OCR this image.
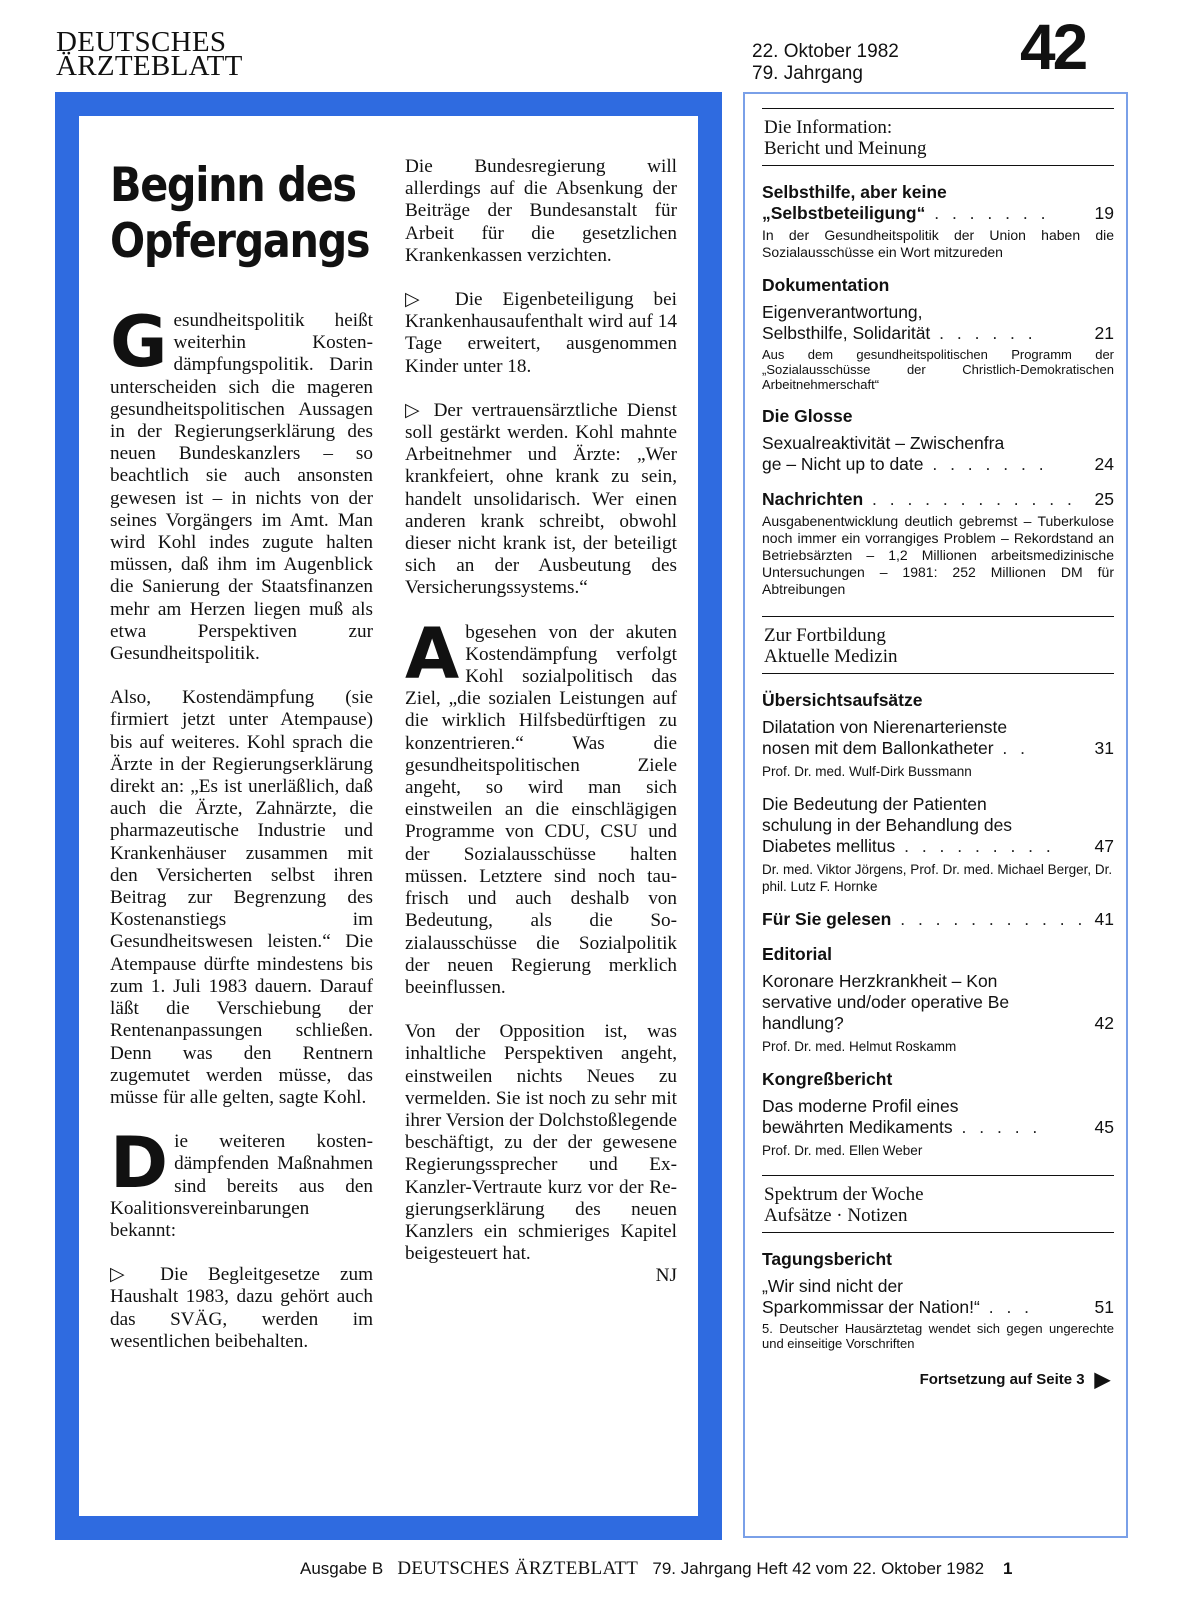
DEUTSCHES
ÄRZTEBLATT	22. Oktober 1982
79. Jahrgang	42
Beginn des
Opfergangs

Gesundheitspolitik heißt weiterhin Kostendämpfungspolitik. Darin unterscheiden sich die mageren gesundheitspolitischen Aussagen in der Regierungserklärung des neuen Bundeskanzlers – so beachtlich sie auch ansonsten gewesen ist – in nichts von der seines Vorgängers im Amt. Man wird Kohl indes zugute halten müssen, daß ihm im Augenblick die Sanierung der Staatsfinanzen mehr am Herzen liegen muß als etwa Perspektiven zur Gesundheitspolitik.

Also, Kostendämpfung (sie firmiert jetzt unter Atempause) bis auf weiteres. Kohl sprach die Ärzte in der Regierungserklärung direkt an: „Es ist unerläßlich, daß auch die Ärzte, Zahnärzte, die pharmazeutische Industrie und Krankenhäuser zusammen mit den Versicherten selbst ihren Beitrag zur Begrenzung des Kostenanstiegs im Gesundheitswesen leisten.“ Die Atempause dürfte mindestens bis zum 1. Juli 1983 dauern. Darauf läßt die Verschiebung der Rentenanpassungen schließen. Denn was den Rentnern zugemutet werden müsse, das müsse für alle gelten, sagte Kohl.

Die weiteren kostendämpfenden Maßnahmen sind bereits aus den Koalitionsvereinbarungen bekannt:

▷ Die Begleitgesetze zum Haushalt 1983, dazu gehört auch das SVÄG, werden im wesentlichen beibehalten.

Die Bundesregierung will allerdings auf die Absenkung der Beiträge der Bundesanstalt für Arbeit für die gesetzlichen Krankenkassen verzichten.

▷ Die Eigenbeteiligung bei Krankenhausaufenthalt wird auf 14 Tage erweitert, ausgenommen Kinder unter 18.

▷ Der vertrauensärztliche Dienst soll gestärkt werden. Kohl mahnte Arbeitnehmer und Ärzte: „Wer krankfeiert, ohne krank zu sein, handelt unsolidarisch. Wer einen anderen krank schreibt, obwohl dieser nicht krank ist, der beteiligt sich an der Ausbeutung des Versicherungssystems.“

Abgesehen von der akuten Kostendämpfung verfolgt Kohl sozialpolitisch das Ziel, „die sozialen Leistungen auf die wirklich Hilfsbedürftigen zu konzentrieren.“ Was die gesundheitspolitischen Ziele angeht, so wird man sich einstweilen an die einschlägigen Programme von CDU, CSU und der Sozialausschüsse halten müssen. Letztere sind noch taufrisch und auch deshalb von Bedeutung, als die Sozialausschüsse die Sozialpolitik der neuen Regierung merklich beeinflussen.

Von der Opposition ist, was inhaltliche Perspektiven angeht, einstweilen nichts Neues zu vermelden. Sie ist noch zu sehr mit ihrer Version der Dolchstoßlegende beschäftigt, zu der der gewesene Regierungssprecher und Ex-Kanzler-Vertraute kurz vor der Regierungserklärung des neuen Kanzlers ein schmieriges Kapitel beigesteuert hat.

NJ
Die Information:
Bericht und Meinung
Selbsthilfe, aber keine
„Selbstbeteiligung“ . . . . . . .	19
In der Gesundheitspolitik der Union haben die Sozialausschüsse ein Wort mitzureden
Dokumentation
Eigenverantwortung,
Selbsthilfe, Solidarität . . . . . .	21
Aus dem gesundheitspolitischen Programm der „Sozialausschüsse der Christlich-Demokratischen Arbeitnehmerschaft“
Die Glosse
Sexualreaktivität – Zwischenfra
ge – Nicht up to date . . . . . . .	24
Nachrichten . . . . . . . . . . . .	25
Ausgabenentwicklung deutlich gebremst – Tuberkulose noch immer ein vorrangiges Problem – Rekordstand an Betriebsärzten – 1,2 Millionen arbeitsmedizinische Untersuchungen – 1981: 252 Millionen DM für Abtreibungen
Zur Fortbildung
Aktuelle Medizin
Übersichtsaufsätze
Dilatation von Nierenarterienste
nosen mit dem Ballonkatheter . .	31
Prof. Dr. med. Wulf-Dirk Bussmann
Die Bedeutung der Patienten
schulung in der Behandlung des
Diabetes mellitus . . . . . . . . .	47
Dr. med. Viktor Jörgens, Prof. Dr. med. Michael Berger, Dr. phil. Lutz F. Hornke
Für Sie gelesen . . . . . . . . . . . 41
Editorial
Koronare Herzkrankheit – Kon
servative und/oder operative Be
handlung?	42
Prof. Dr. med. Helmut Roskamm
Kongreßbericht
Das moderne Profil eines
bewährten Medikaments . . . . .	45
Prof. Dr. med. Ellen Weber
Spektrum der Woche
Aufsätze · Notizen
Tagungsbericht
„Wir sind nicht der
Sparkommissar der Nation!“ . . .	51
5. Deutscher Hausärztetag wendet sich gegen ungerechte und einseitige Vorschriften
Fortsetzung auf Seite 3 ▶
Ausgabe B DEUTSCHES ÄRZTEBLATT 79. Jahrgang Heft 42 vom 22. Oktober 1982 1
